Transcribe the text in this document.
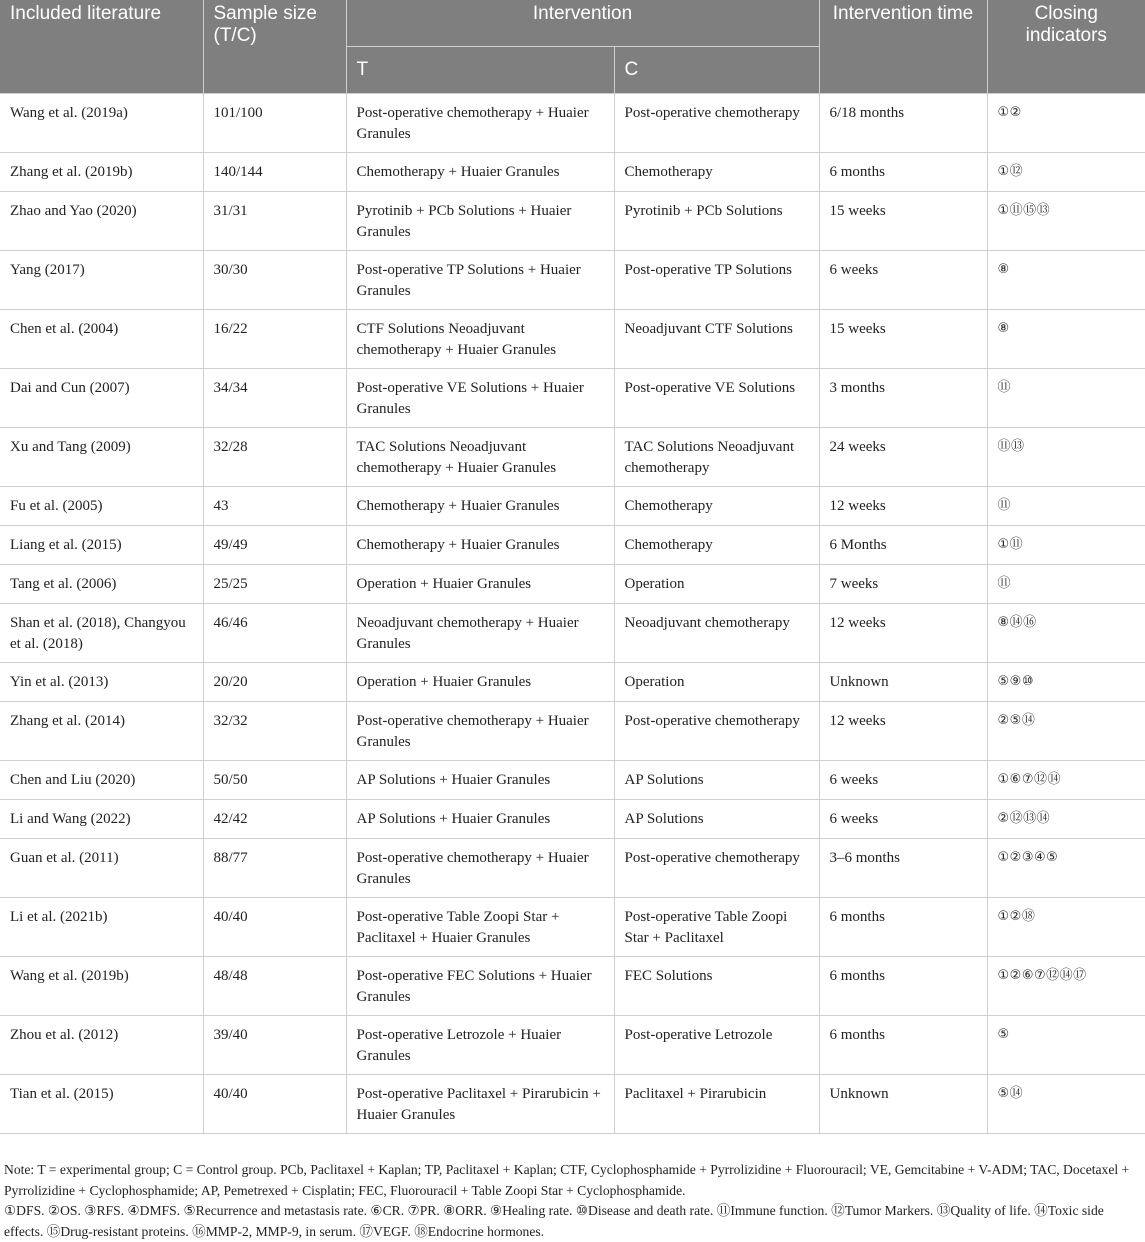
Included literature	Sample size (T/C)	Intervention		Intervention time	Closing indicators
		T	C		
Wang et al. (2019a)	101/100	Post-operative chemotherapy + Huaier Granules	Post-operative chemotherapy	6/18 months	①②
Zhang et al. (2019b)	140/144	Chemotherapy + Huaier Granules	Chemotherapy	6 months	①⑫
Zhao and Yao (2020)	31/31	Pyrotinib + PCb Solutions + Huaier Granules	Pyrotinib + PCb Solutions	15 weeks	①⑪⑮⑬
Yang (2017)	30/30	Post-operative TP Solutions + Huaier Granules	Post-operative TP Solutions	6 weeks	⑧
Chen et al. (2004)	16/22	CTF Solutions Neoadjuvant chemotherapy + Huaier Granules	Neoadjuvant CTF Solutions	15 weeks	⑧
Dai and Cun (2007)	34/34	Post-operative VE Solutions + Huaier Granules	Post-operative VE Solutions	3 months	⑪
Xu and Tang (2009)	32/28	TAC Solutions Neoadjuvant chemotherapy + Huaier Granules	TAC Solutions Neoadjuvant chemotherapy	24 weeks	⑪⑬
Fu et al. (2005)	43	Chemotherapy + Huaier Granules	Chemotherapy	12 weeks	⑪
Liang et al. (2015)	49/49	Chemotherapy + Huaier Granules	Chemotherapy	6 Months	①⑪
Tang et al. (2006)	25/25	Operation + Huaier Granules	Operation	7 weeks	⑪
Shan et al. (2018), Changyou et al. (2018)	46/46	Neoadjuvant chemotherapy + Huaier Granules	Neoadjuvant chemotherapy	12 weeks	⑧⑭⑯
Yin et al. (2013)	20/20	Operation + Huaier Granules	Operation	Unknown	⑤⑨⑩
Zhang et al. (2014)	32/32	Post-operative chemotherapy + Huaier Granules	Post-operative chemotherapy	12 weeks	②⑤⑭
Chen and Liu (2020)	50/50	AP Solutions + Huaier Granules	AP Solutions	6 weeks	①⑥⑦⑫⑭
Li and Wang (2022)	42/42	AP Solutions + Huaier Granules	AP Solutions	6 weeks	②⑫⑬⑭
Guan et al. (2011)	88/77	Post-operative chemotherapy + Huaier Granules	Post-operative chemotherapy	3–6 months	①②③④⑤
Li et al. (2021b)	40/40	Post-operative Table Zoopi Star + Paclitaxel + Huaier Granules	Post-operative Table Zoopi Star + Paclitaxel	6 months	①②⑱
Wang et al. (2019b)	48/48	Post-operative FEC Solutions + Huaier Granules	FEC Solutions	6 months	①②⑥⑦⑫⑭⑰
Zhou et al. (2012)	39/40	Post-operative Letrozole + Huaier Granules	Post-operative Letrozole	6 months	⑤
Tian et al. (2015)	40/40	Post-operative Paclitaxel + Pirarubicin + Huaier Granules	Paclitaxel + Pirarubicin	Unknown	⑤⑭

Note: T = experimental group; C = Control group. PCb, Paclitaxel + Kaplan; TP, Paclitaxel + Kaplan; CTF, Cyclophosphamide + Pyrrolizidine + Fluorouracil; VE, Gemcitabine + V-ADM; TAC, Docetaxel + Pyrrolizidine + Cyclophosphamide; AP, Pemetrexed + Cisplatin; FEC, Fluorouracil + Table Zoopi Star + Cyclophosphamide.

①DFS. ②OS. ③RFS. ④DMFS. ⑤Recurrence and metastasis rate. ⑥CR. ⑦PR. ⑧ORR. ⑨Healing rate. ⑩Disease and death rate. ⑪Immune function. ⑫Tumor Markers. ⑬Quality of life. ⑭Toxic side effects. ⑮Drug-resistant proteins. ⑯MMP-2, MMP-9, in serum. ⑰VEGF. ⑱Endocrine hormones.
